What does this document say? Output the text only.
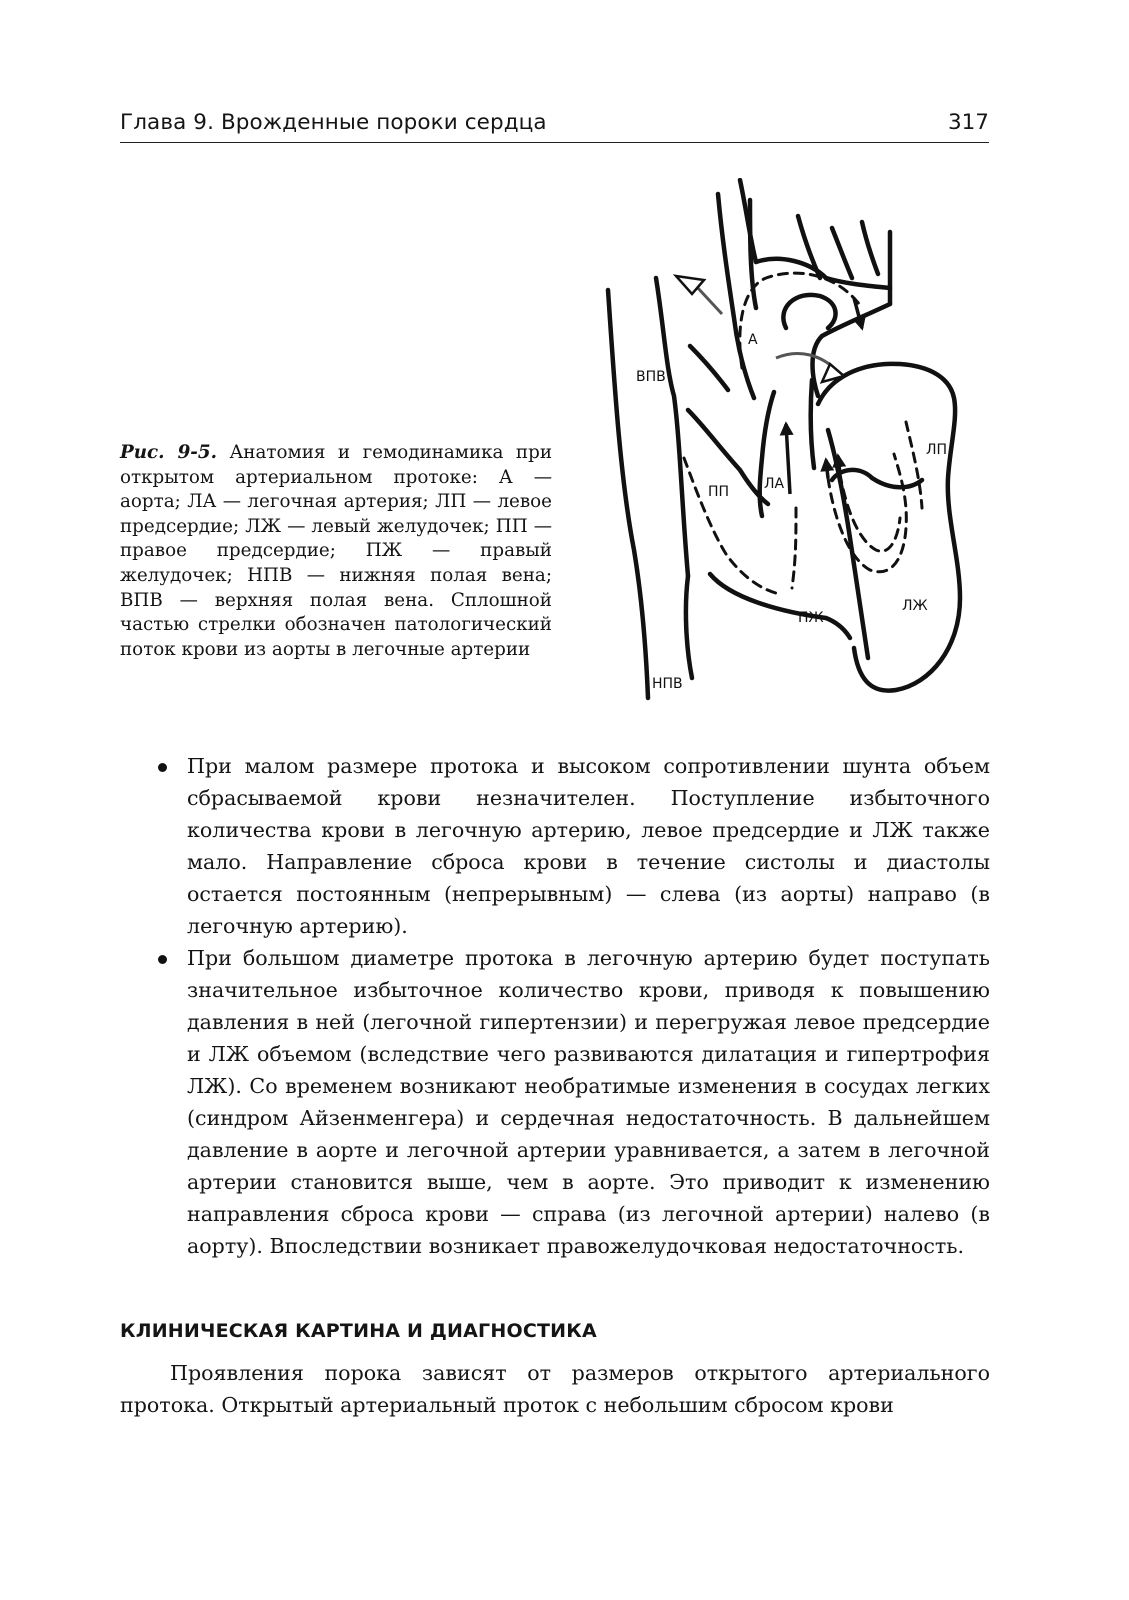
Глава 9. Врожденные пороки сердца	317
Рис. 9-5. Анатомия и гемодинамика при открытом артериальном протоке: А — аорта; ЛА — легочная артерия; ЛП — левое предсердие; ЛЖ — левый желудочек; ПП — правое предсердие; ПЖ — правый желудочек; НПВ — нижняя полая вена; ВПВ — верхняя полая вена. Сплошной частью стрелки обозначен патологический поток крови из аорты в легочные артерии
А
ВПВ
ПП ЛА
ЛП
ПЖ
ЛЖ
НПВ
При малом размере протока и высоком сопротивлении шунта объем сбрасываемой крови незначителен. Поступление избыточного количества крови в легочную артерию, левое предсердие и ЛЖ также мало. Направление сброса крови в течение систолы и диастолы остается постоянным (непрерывным) — слева (из аорты) направо (в легочную артерию).
При большом диаметре протока в легочную артерию будет поступать значительное избыточное количество крови, приводя к повышению давления в ней (легочной гипертензии) и перегружая левое предсердие и ЛЖ объемом (вследствие чего развиваются дилатация и гипертрофия ЛЖ). Со временем возникают необратимые изменения в сосудах легких (синдром Айзенменгера) и сердечная недостаточность. В дальнейшем давление в аорте и легочной артерии уравнивается, а затем в легочной артерии становится выше, чем в аорте. Это приводит к изменению направления сброса крови — справа (из легочной артерии) налево (в аорту). Впоследствии возникает правожелудочковая недостаточность.
КЛИНИЧЕСКАЯ КАРТИНА И ДИАГНОСТИКА

Проявления порока зависят от размеров открытого артериального протока. Открытый артериальный проток с небольшим сбросом крови
